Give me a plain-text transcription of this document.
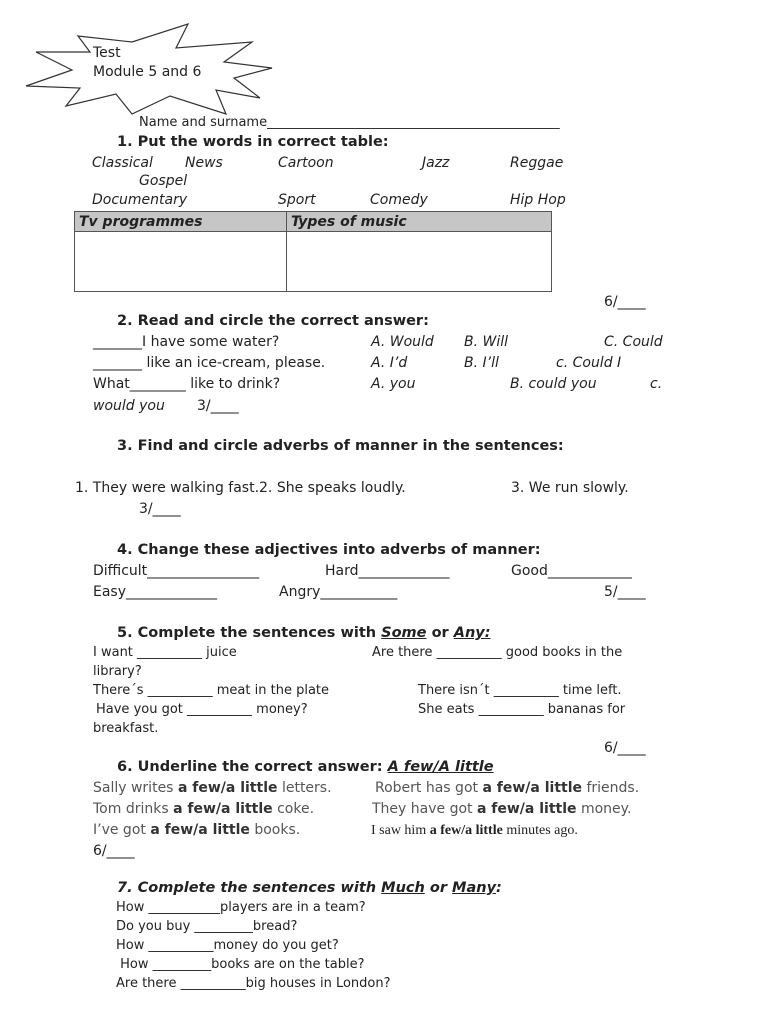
Test
Module 5 and 6
Name and surname_____________________________________________
1. Put the words in correct table:
Classical News	Cartoon	Jazz	Reggae
Gospel
Documentary	Sport	Comedy	Hip Hop
Tv programmes	Types of music

6/____
2. Read and circle the correct answer:
_______I have some water?	A. Would B. Will	C. Could
_______ like an ice-cream, please.	A. I’d	B. I’ll	c. Could I
What________ like to drink?	A. you	B. could you	c.
would you 3/____
3. Find and circle adverbs of manner in the sentences:
1. They were walking fast.2. She speaks loudly.	3. We run slowly.
3/____
4. Change these adjectives into adverbs of manner:
Difficult________________	Hard_____________	Good____________
Easy_____________	Angry___________	5/____
5. Complete the sentences with Some or Any:
I want __________ juice	Are there __________ good books in the
library?
There´s __________ meat in the plate	There isn´t __________ time left.
Have you got __________ money?	She eats __________ bananas for
breakfast.
6/____
6. Underline the correct answer: A few/A little
Sally writes a few/a little letters.	Robert has got a few/a little friends.
Tom drinks a few/a little coke.	They have got a few/a little money.
I’ve got a few/a little books.	I saw him a few/a little minutes ago.
6/____
7. Complete the sentences with Much or Many:
How ___________players are in a team?
Do you buy _________bread?
How __________money do you get?
How _________books are on the table?
Are there __________big houses in London?
